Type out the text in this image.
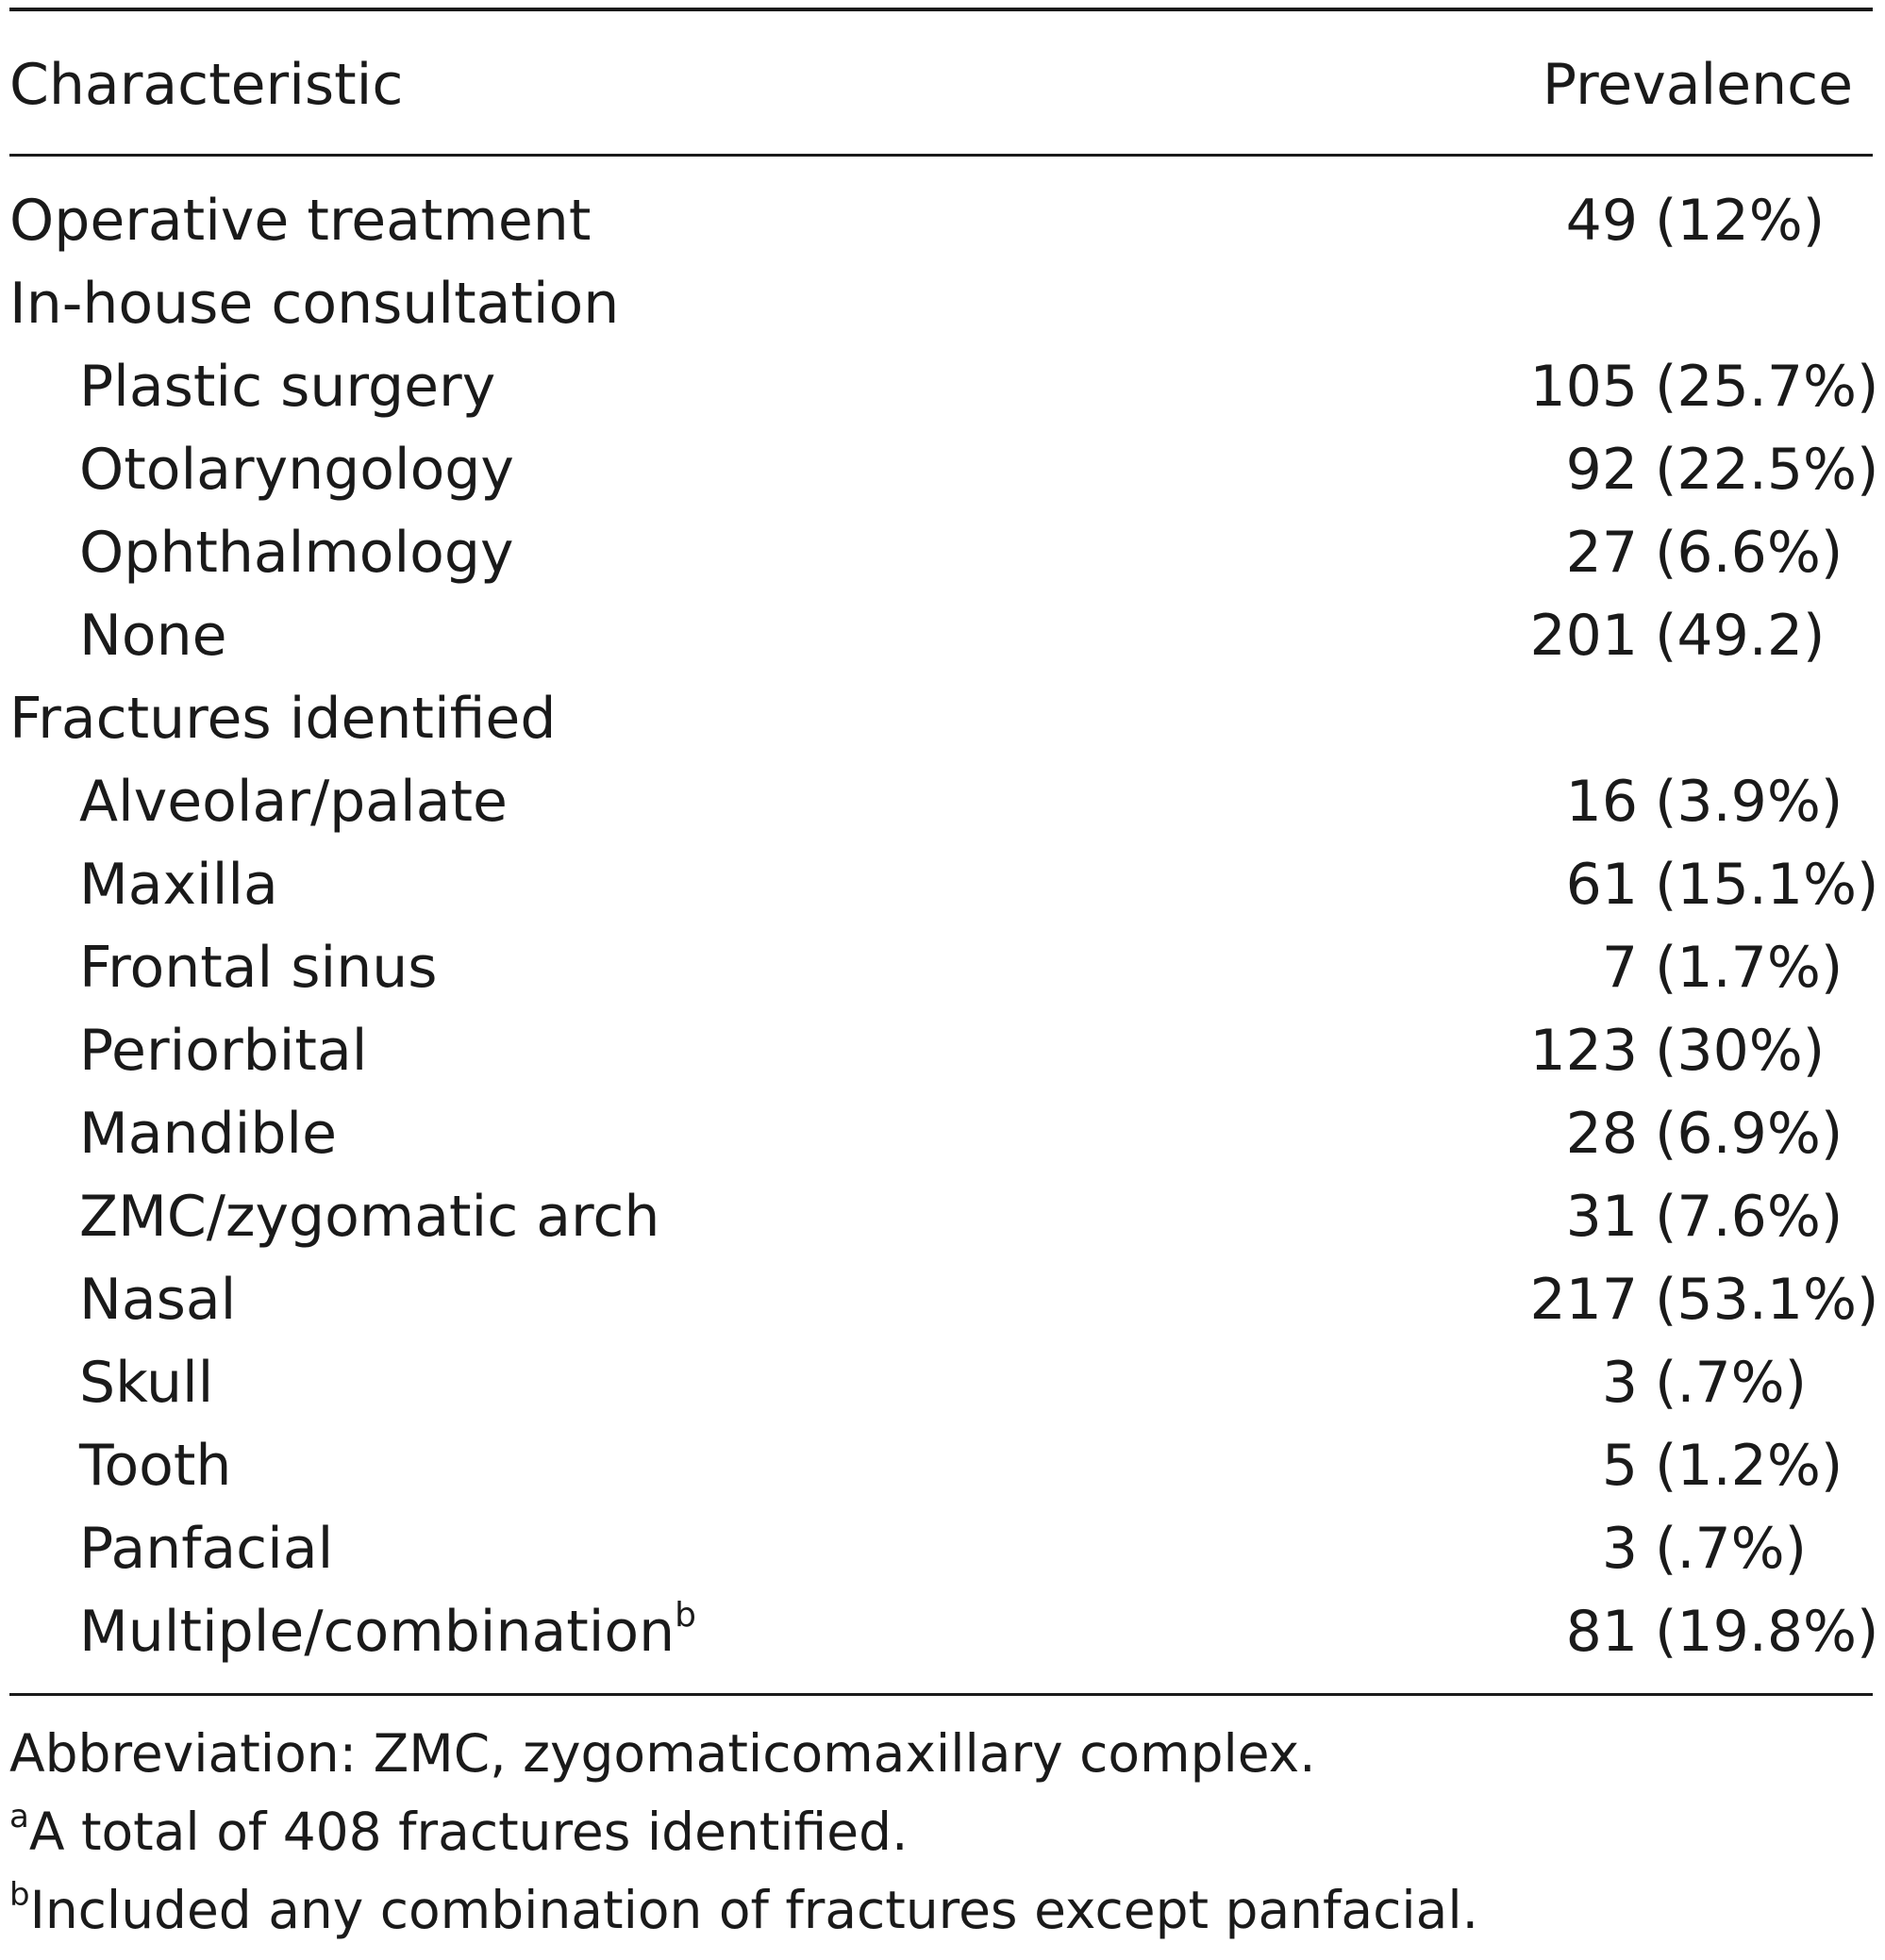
Characteristic	Prevalence
Operative treatment	49 (12%)
In-house consultation
Plastic surgery	105 (25.7%)
Otolaryngology	92 (22.5%)
Ophthalmology	27 (6.6%)
None	201 (49.2)
Fractures identified
Alveolar/palate	16 (3.9%)
Maxilla	61 (15.1%)
Frontal sinus	7 (1.7%)
Periorbital	123 (30%)
Mandible	28 (6.9%)
ZMC/zygomatic arch	31 (7.6%)
Nasal	217 (53.1%)
Skull	3 (.7%)
Tooth	5 (1.2%)
Panfacial	3 (.7%)
Multiple/combination$^b$	81 (19.8%)
Abbreviation: ZMC, zygomaticomaxillary complex.
$^a$A total of 408 fractures identified.
$^b$Included any combination of fractures except panfacial.
